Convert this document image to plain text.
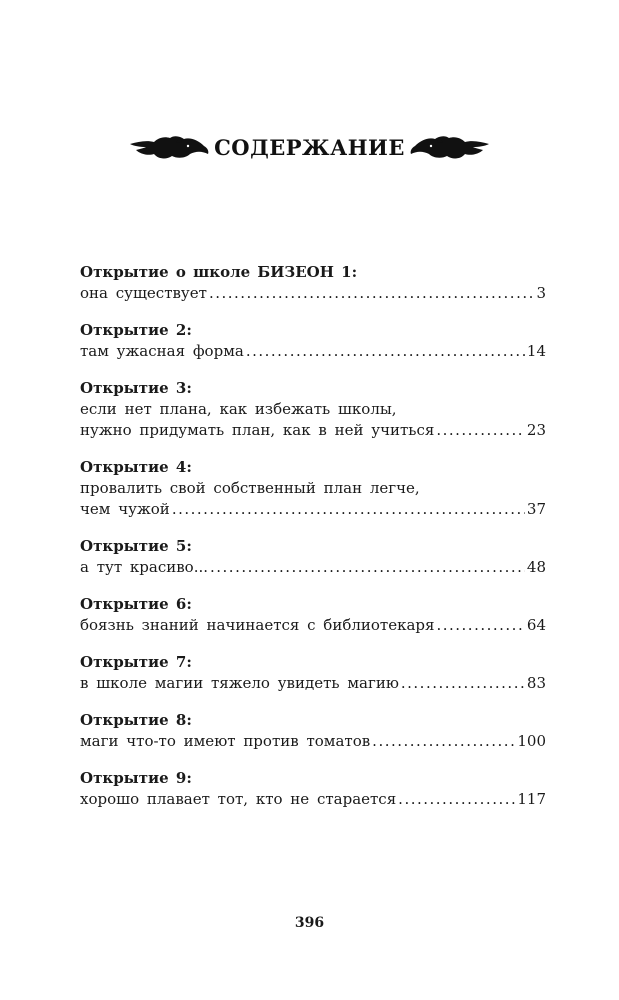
СОДЕРЖАНИЕ
Открытие о школе БИЗЕОН 1:
она существует .....	3
Открытие 2:
там ужасная форма .....	14
Открытие 3:
если нет плана, как избежать школы,
нужно придумать план, как в ней учиться .....	23
Открытие 4:
провалить свой собственный план легче,
чем чужой .....	37
Открытие 5:
а тут красиво... .....	48
Открытие 6:
боязнь знаний начинается с библиотекаря .....	64
Открытие 7:
в школе магии тяжело увидеть магию .....	83
Открытие 8:
маги что-то имеют против томатов .....	100
Открытие 9:
хорошо плавает тот, кто не старается .....	117
396
